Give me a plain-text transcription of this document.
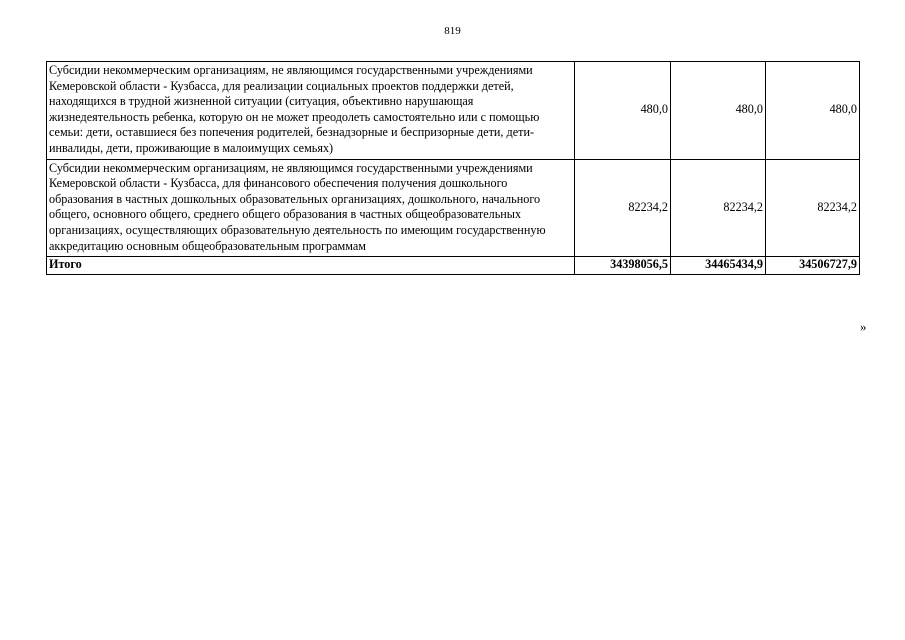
819
Субсидии некоммерческим организациям, не являющимся государственными учреждениями Кемеровской области - Кузбасса, для реализации социальных проектов поддержки детей, находящихся в трудной жизненной ситуации (ситуация, объективно нарушающая жизнедеятельность ребенка, которую он не может преодолеть самостоятельно или с помощью семьи: дети, оставшиеся без попечения родителей, безнадзорные и беспризорные дети, дети-инвалиды, дети, проживающие в малоимущих семьях)	480,0	480,0	480,0
Субсидии некоммерческим организациям, не являющимся государственными учреждениями Кемеровской области - Кузбасса, для финансового обеспечения получения дошкольного образования в частных дошкольных образовательных организациях, дошкольного, начального общего, основного общего, среднего общего образования в частных общеобразовательных организациях, осуществляющих образовательную деятельность по имеющим государственную аккредитацию основным общеобразовательным программам	82234,2	82234,2	82234,2
Итого	34398056,5	34465434,9	34506727,9
»
